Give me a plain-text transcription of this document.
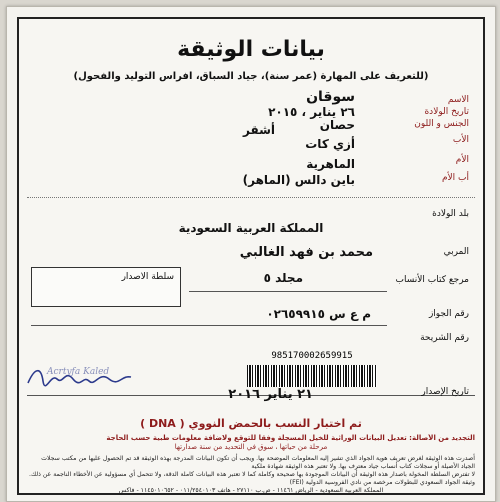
بيانات الوثيقة
(للتعريف على المهارة (عمر سنة)، جياد السباق، افراس التوليد والفحول)
الاسم
سوقان
تاريخ الولادة
٢٦ يناير ، ٢٠١٥
الجنس و اللون
حصان
أشقر
الأب
أزي كات
الأم
الماهرية
أب الأم
باين دالس (الماهر)
بلد الولادة
المملكة العربية السعودية
المربي
محمد بن فهد الغالبي
سلطة الاصدار	مرجع كتاب الأنساب
مجلد ٥
رقم الجواز
م ع س ٠٢٦٥٩٩١٥
رقم الشريحة
985170002659915
Acrtyfa Kaled
تاريخ الإصدار
٢١ يناير ٢٠١٦
تم اختبار النسب بالحمض النووي ( DNA )
التجديد من الأصالة: تعديل البيانات الوراثية للخيل المسجلة وفقا للتوقع ولاضافة معلومات طبية حسب الحاجة
مرحلة من حياتها ، سوق في التحديد من سنة صدارتها
أصدرت هذه الوثيقة لغرض تعريف هوية الجواد الذي تشير إليه المعلومات الموضحة بها. ويجب أن تكون البيانات المدرجة بهذه الوثيقة قد تم الحصول عليها من مكتب سجلات الجياد الأصيلة أو سجلات كتاب أنساب جياد معترف بها. ولا تعتبر هذه الوثيقة شهادة ملكية
لا تفترض السلطة المخولة باصدار هذه الوثيقة أن البيانات الموجودة بها صحيحة وكاملة كما لا تعتبر هذه البيانات كاملة الدقة، ولا تتحمل أي مسؤولية عن الأخطاء الناجمة عن ذلك.
وثيقة الجواد السعودي للبطولات مرخصة من نادي الفروسية الدولية (FEI)
المملكة العربية السعودية - الرياض ١١٤٦١ - ص.ب ٢٧١١٠ - هاتف ٠١١/٢٥٤٠١٠٣ - ١١٤٥٠١٠٦٥٢ - فاكس
